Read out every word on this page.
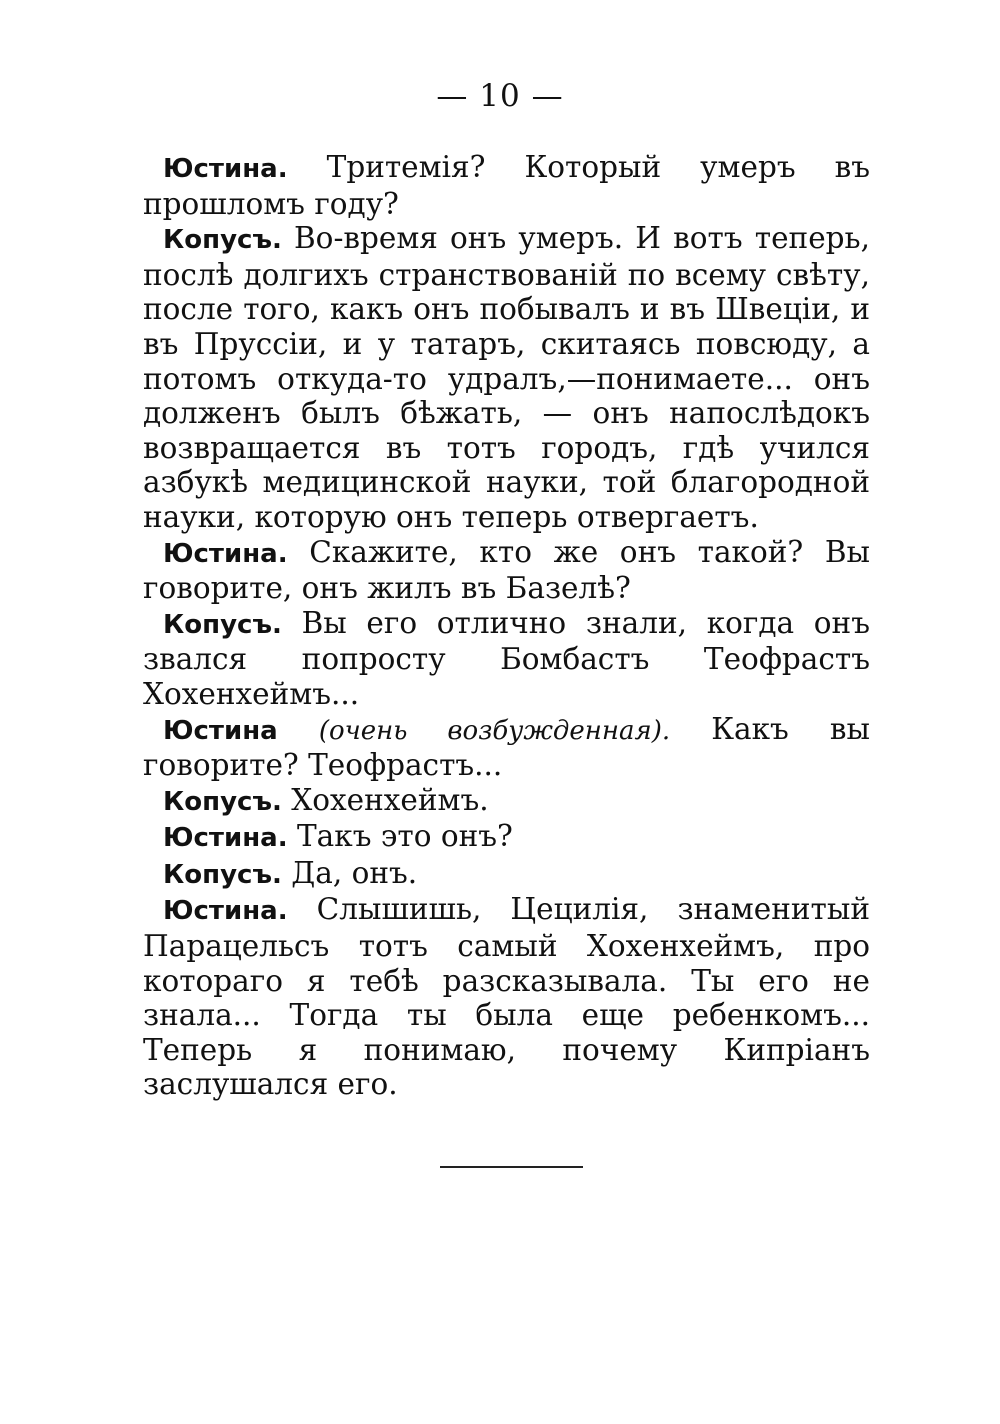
— 10 —

Юстина. Тритемія? Который умеръ въ прошломъ году?

Копусъ. Во-время онъ умеръ. И вотъ теперь, послѣ долгихъ странствованій по всему свѣту, после того, какъ онъ побывалъ и въ Швеціи, и въ Пруссіи, и у татаръ, скитаясь повсюду, а потомъ откуда-то удралъ,—понимаете... онъ долженъ былъ бѣжать, — онъ напослѣдокъ возвращается въ тотъ городъ, гдѣ учился азбукѣ медицинской науки, той благородной науки, которую онъ теперь отвергаетъ.

Юстина. Скажите, кто же онъ такой? Вы говорите, онъ жилъ въ Базелѣ?

Копусъ. Вы его отлично знали, когда онъ звался попросту Бомбастъ Теофрастъ Хохенхеймъ...

Юстина (очень возбужденная). Какъ вы говорите? Теофрастъ...

Копусъ. Хохенхеймъ.

Юстина. Такъ это онъ?

Копусъ. Да, онъ.

Юстина. Слышишь, Цецилія, знаменитый Парацельсъ тотъ самый Хохенхеймъ, про котораго я тебѣ разсказывала. Ты его не знала... Тогда ты была еще ребенкомъ... Теперь я понимаю, почему Кипріанъ заслушался его.
